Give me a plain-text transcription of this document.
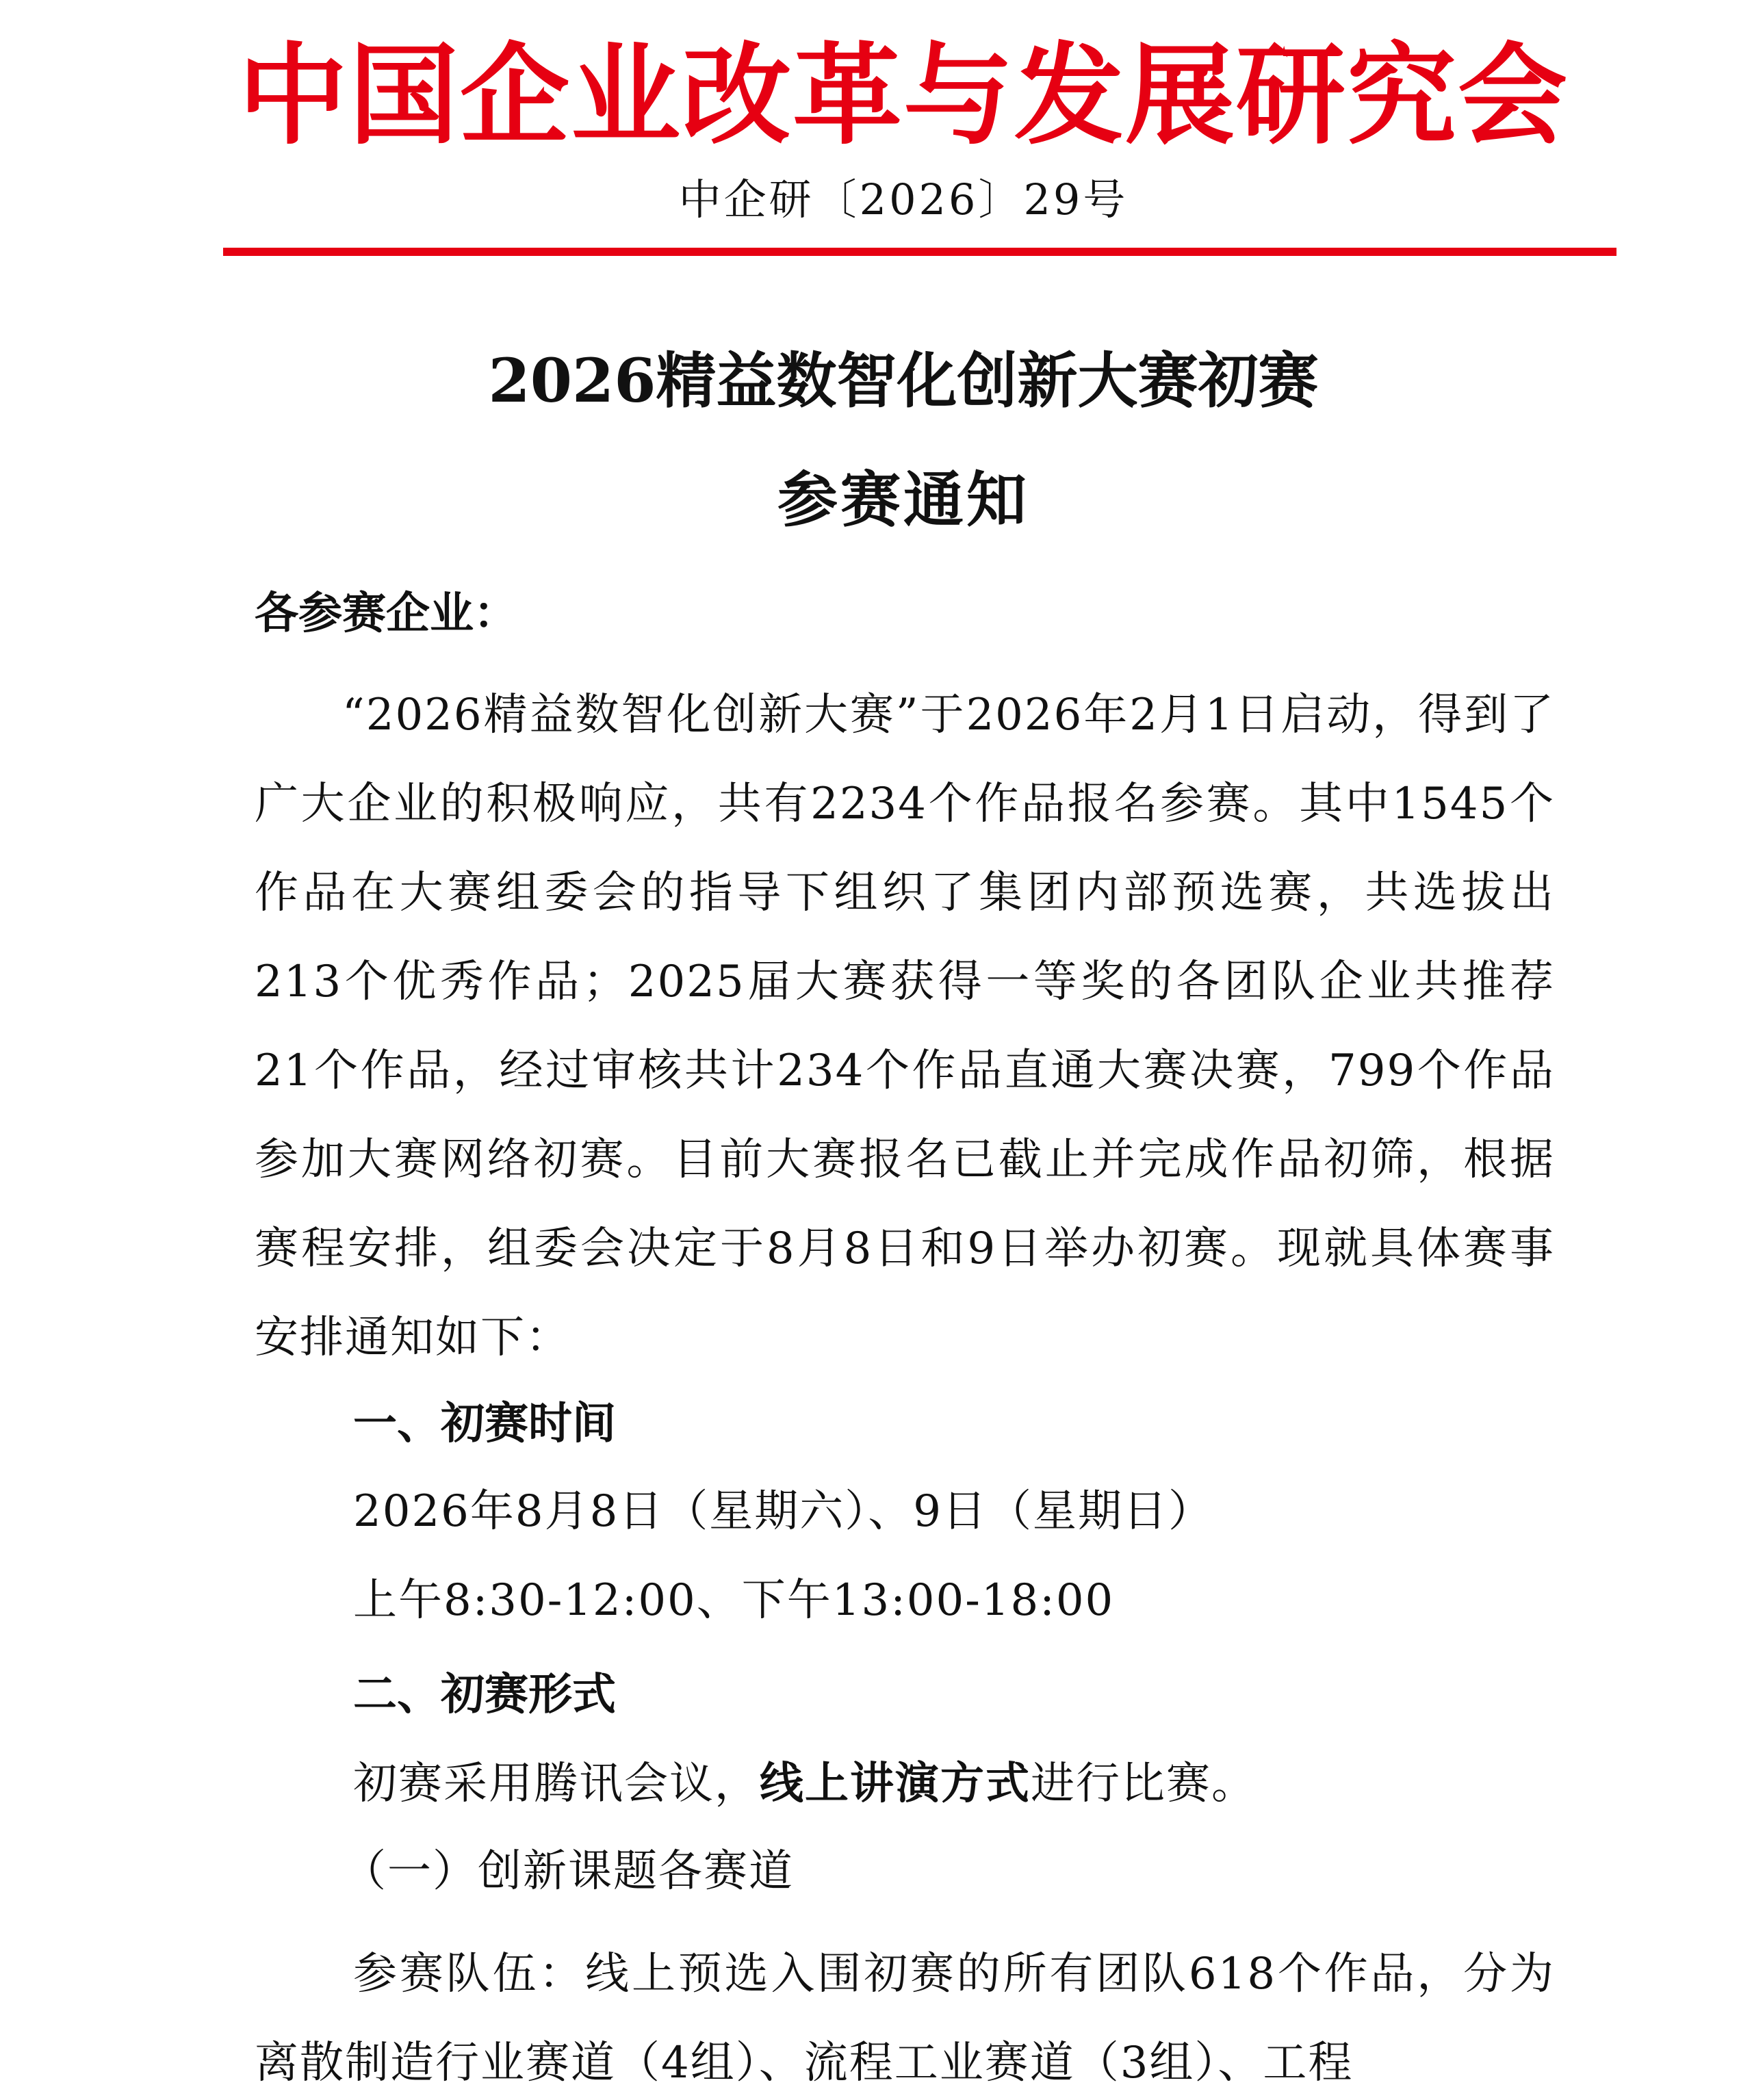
中国企业改革与发展研究会
中企研〔2026〕29号
2026精益数智化创新大赛初赛
参赛通知
各参赛企业：
“2026精益数智化创新大赛”于2026年2月1日启动，得到了广大企业的积极响应，共有2234个作品报名参赛。其中1545个作品在大赛组委会的指导下组织了集团内部预选赛，共选拔出213个优秀作品；2025届大赛获得一等奖的各团队企业共推荐21个作品，经过审核共计234个作品直通大赛决赛，799个作品参加大赛网络初赛。目前大赛报名已截止并完成作品初筛，根据赛程安排，组委会决定于8月8日和9日举办初赛。现就具体赛事安排通知如下：
一、初赛时间
2026年8月8日（星期六）、9日（星期日）
上午8:30-12:00、下午13:00-18:00
二、初赛形式
初赛采用腾讯会议，线上讲演方式进行比赛。
（一）创新课题各赛道
参赛队伍：线上预选入围初赛的所有团队618个作品，分为离散制造行业赛道（4组）、流程工业赛道（3组）、工程
